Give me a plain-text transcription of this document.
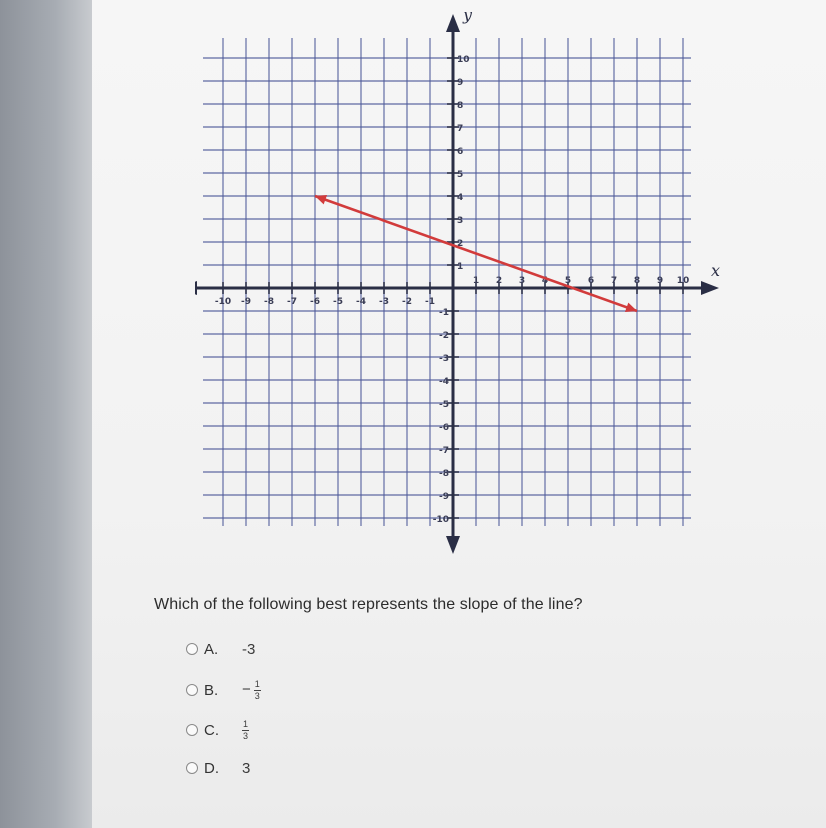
x
y
-10 -9 -8 -7 -6 -5 -4 -3 -2 -1
1 2 3 4 5 6 7 8 9 10
10
9
8
7
6
5
4
3
2
1
-1
-2
-3
-4
-5
-6
-7
-8
-9
-10
Which of the following best represents the slope of the line?
A.	-3
B.	− $\frac{1}{3}$
C.	$\frac{1}{3}$
D.	3
